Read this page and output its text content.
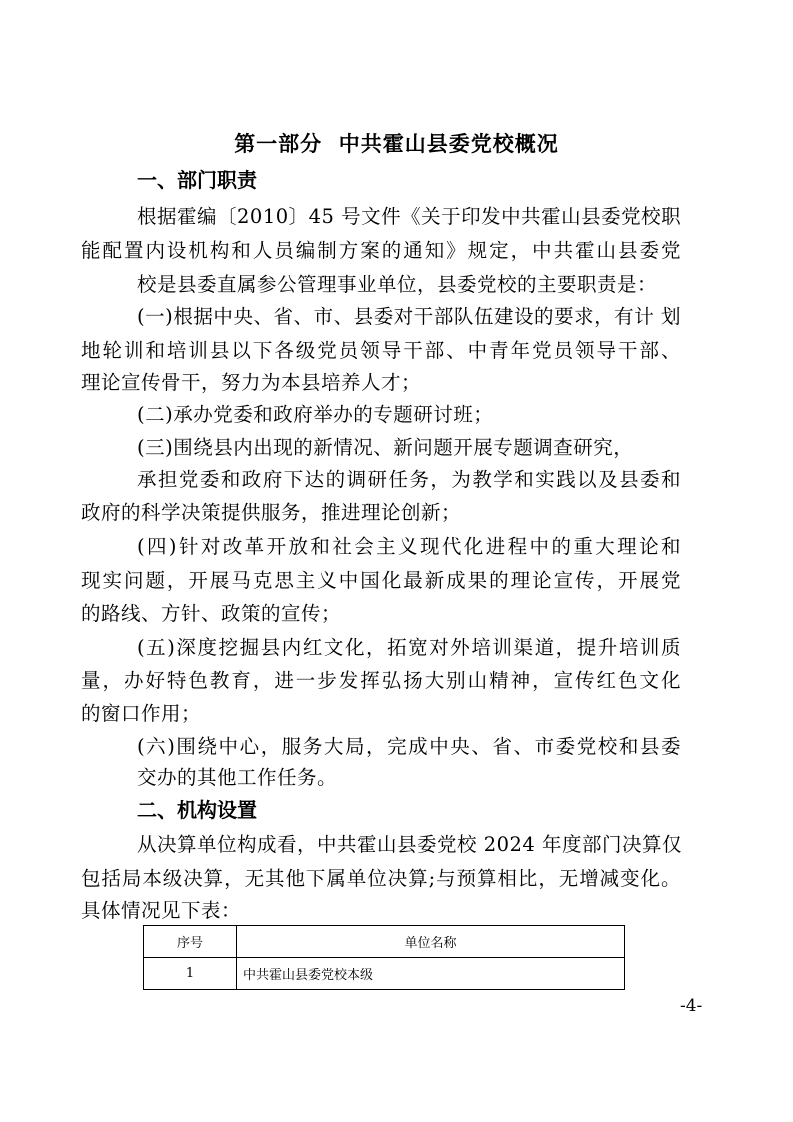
第一部分  中共霍山县委党校概况
一、部门职责
根据霍编〔2010〕45 号文件《关于印发中共霍山县委党校职
能配置内设机构和人员编制方案的通知》规定，中共霍山县委党
校是县委直属参公管理事业单位，县委党校的主要职责是：
(一)根据中央、省、市、县委对干部队伍建设的要求，有计 划
地轮训和培训县以下各级党员领导干部、中青年党员领导干部、
理论宣传骨干，努力为本县培养人才；
(二)承办党委和政府举办的专题研讨班；
(三)围绕县内出现的新情况、新问题开展专题调查研究，
承担党委和政府下达的调研任务，为教学和实践以及县委和
政府的科学决策提供服务，推进理论创新；
(四)针对改革开放和社会主义现代化进程中的重大理论和
现实问题，开展马克思主义中国化最新成果的理论宣传，开展党
的路线、方针、政策的宣传；
(五)深度挖掘县内红文化，拓宽对外培训渠道，提升培训质
量，办好特色教育，进一步发挥弘扬大别山精神，宣传红色文化
的窗口作用；
(六)围绕中心，服务大局，完成中央、省、市委党校和县委
交办的其他工作任务。
二、机构设置
从决算单位构成看，中共霍山县委党校 2024 年度部门决算仅
包括局本级决算，无其他下属单位决算;与预算相比，无增减变化。
具体情况见下表：
序号	单位名称
1	中共霍山县委党校本级
-4-
